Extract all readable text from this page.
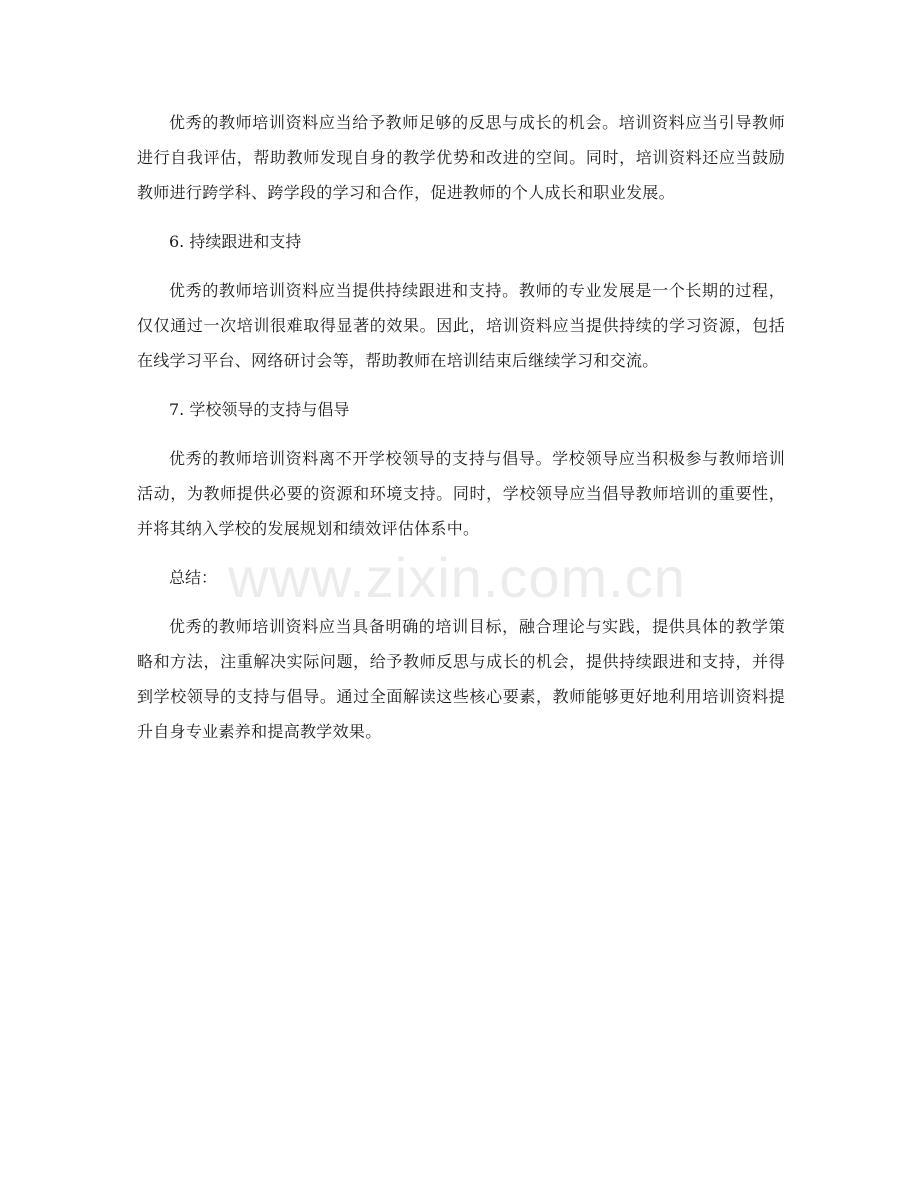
优秀的教师培训资料应当给予教师足够的反思与成长的机会。培训资料应当引导教师进行自我评估，帮助教师发现自身的教学优势和改进的空间。同时，培训资料还应当鼓励教师进行跨学科、跨学段的学习和合作，促进教师的个人成长和职业发展。

6. 持续跟进和支持

优秀的教师培训资料应当提供持续跟进和支持。教师的专业发展是一个长期的过程，仅仅通过一次培训很难取得显著的效果。因此，培训资料应当提供持续的学习资源，包括在线学习平台、网络研讨会等，帮助教师在培训结束后继续学习和交流。

7. 学校领导的支持与倡导

优秀的教师培训资料离不开学校领导的支持与倡导。学校领导应当积极参与教师培训活动，为教师提供必要的资源和环境支持。同时，学校领导应当倡导教师培训的重要性，并将其纳入学校的发展规划和绩效评估体系中。

总结：

优秀的教师培训资料应当具备明确的培训目标，融合理论与实践，提供具体的教学策略和方法，注重解决实际问题，给予教师反思与成长的机会，提供持续跟进和支持，并得到学校领导的支持与倡导。通过全面解读这些核心要素，教师能够更好地利用培训资料提升自身专业素养和提高教学效果。

www.zixin.com.cn
